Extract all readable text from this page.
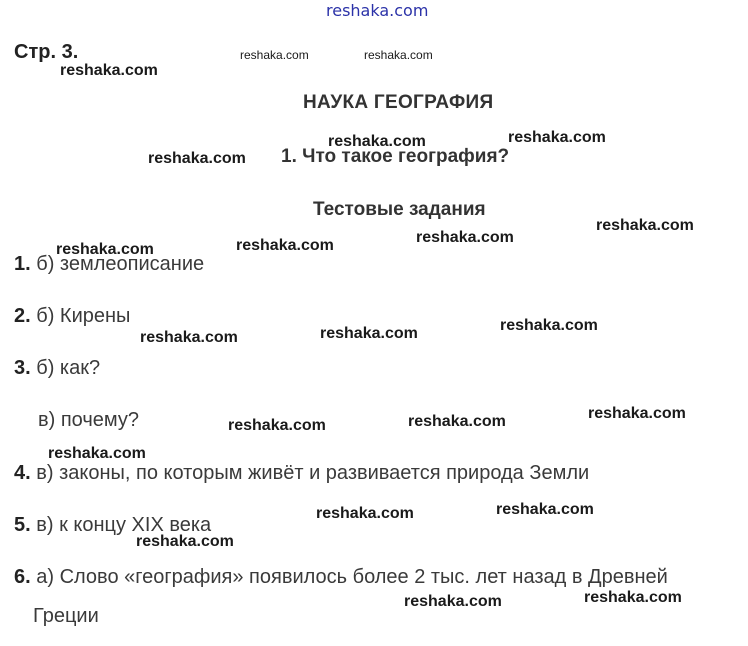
reshaka.com
Стр. 3.
НАУКА ГЕОГРАФИЯ
1. Что такое география?
Тестовые задания
1. б) землеописание
2. б) Кирены
3. б) как?
в) почему?
4. в) законы, по которым живёт и развивается природа Земли
5. в) к концу XIX века
6. а) Слово «география» появилось более 2 тыс. лет назад в Древней
Греции
reshaka.com	reshaka.com
reshaka.com
reshaka.com	reshaka.com
reshaka.com
reshaka.com
reshaka.com
reshaka.com
reshaka.com
reshaka.com
reshaka.com
reshaka.com
reshaka.com
reshaka.com
reshaka.com
reshaka.com
reshaka.com
reshaka.com
reshaka.com
reshaka.com
reshaka.com
